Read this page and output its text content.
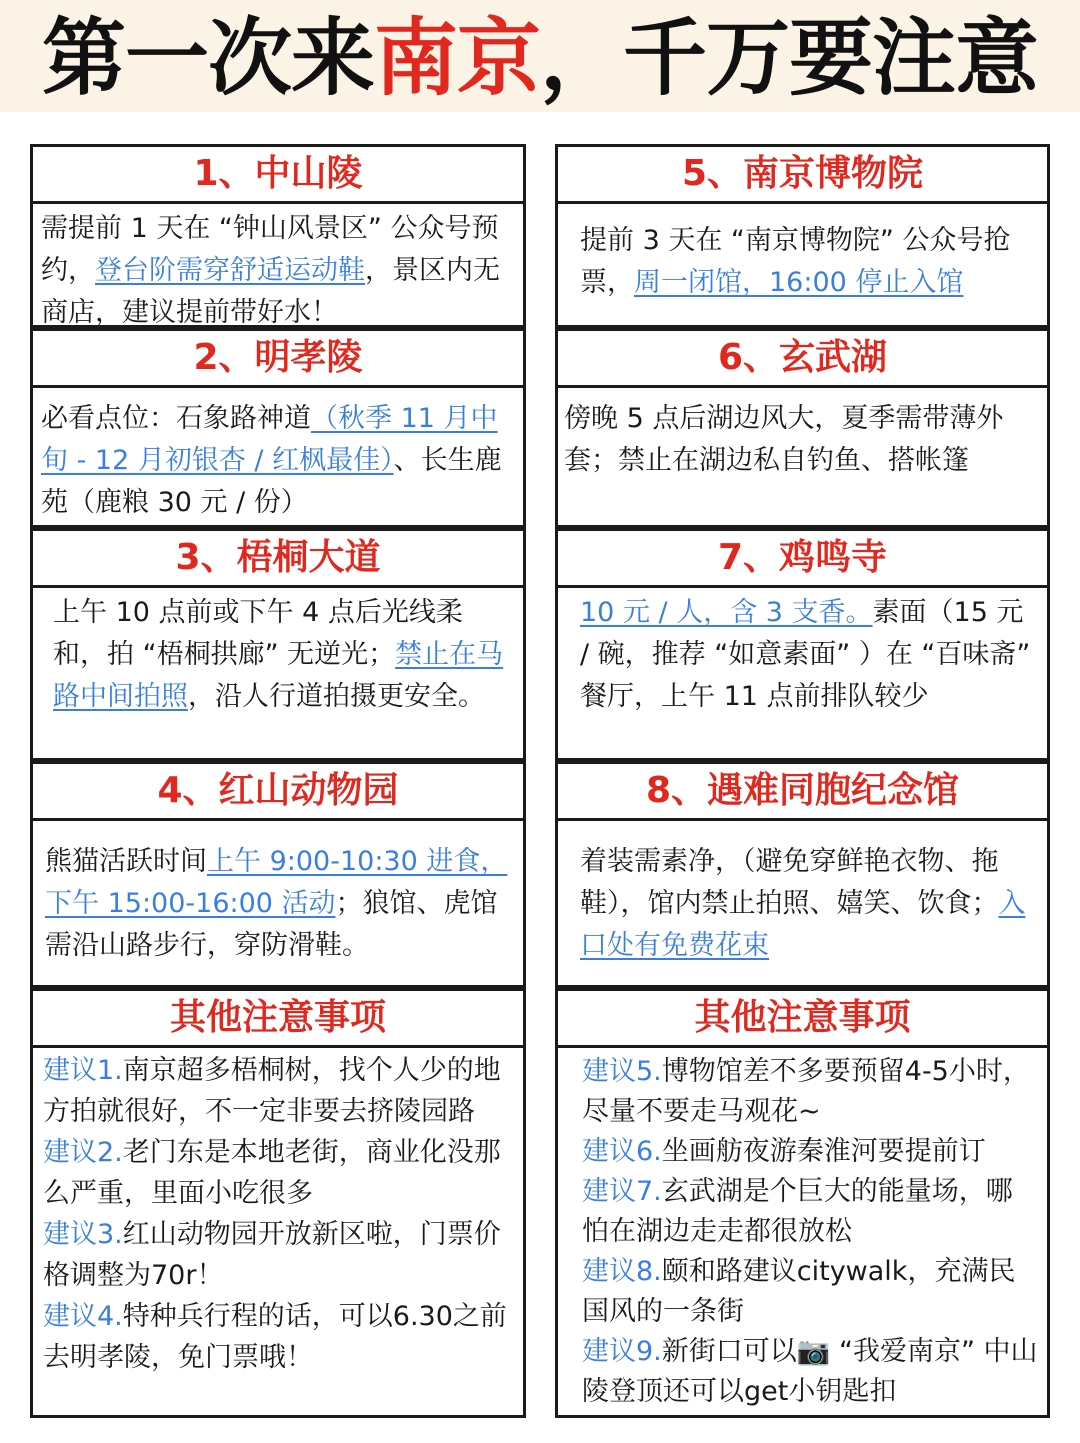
第一次来南京，千万要注意
1、中山陵
需提前 1 天在 “钟山风景区” 公众号预约，登台阶需穿舒适运动鞋，景区内无商店，建议提前带好水！
2、明孝陵
必看点位：石象路神道（秋季 11 月中旬 - 12 月初银杏 / 红枫最佳）、长生鹿苑（鹿粮 30 元 / 份）
3、梧桐大道
上午 10 点前或下午 4 点后光线柔和，拍 “梧桐拱廊” 无逆光；禁止在马路中间拍照，沿人行道拍摄更安全。
4、红山动物园
熊猫活跃时间上午 9:00-10:30 进食，下午 15:00-16:00 活动；狼馆、虎馆需沿山路步行，穿防滑鞋。
其他注意事项
建议1.南京超多梧桐树，找个人少的地方拍就很好，不一定非要去挤陵园路
建议2.老门东是本地老街，商业化没那么严重，里面小吃很多
建议3.红山动物园开放新区啦，门票价格调整为70r！
建议4.特种兵行程的话，可以6.30之前去明孝陵，免门票哦！
5、南京博物院
提前 3 天在 “南京博物院” 公众号抢票，周一闭馆，16:00 停止入馆
6、玄武湖
傍晚 5 点后湖边风大，夏季需带薄外套；禁止在湖边私自钓鱼、搭帐篷
7、鸡鸣寺
10 元 / 人，含 3 支香。素面（15 元 / 碗，推荐 “如意素面” ）在 “百味斋” 餐厅，上午 11 点前排队较少
8、遇难同胞纪念馆
着装需素净，（避免穿鲜艳衣物、拖鞋），馆内禁止拍照、嬉笑、饮食；入口处有免费花束
其他注意事项
建议5.博物馆差不多要预留4-5小时，尽量不要走马观花~
建议6.坐画舫夜游秦淮河要提前订
建议7.玄武湖是个巨大的能量场，哪怕在湖边走走都很放松
建议8.颐和路建议citywalk，充满民国风的一条街
建议9.新街口可以📷 “我爱南京” 中山陵登顶还可以get小钥匙扣
